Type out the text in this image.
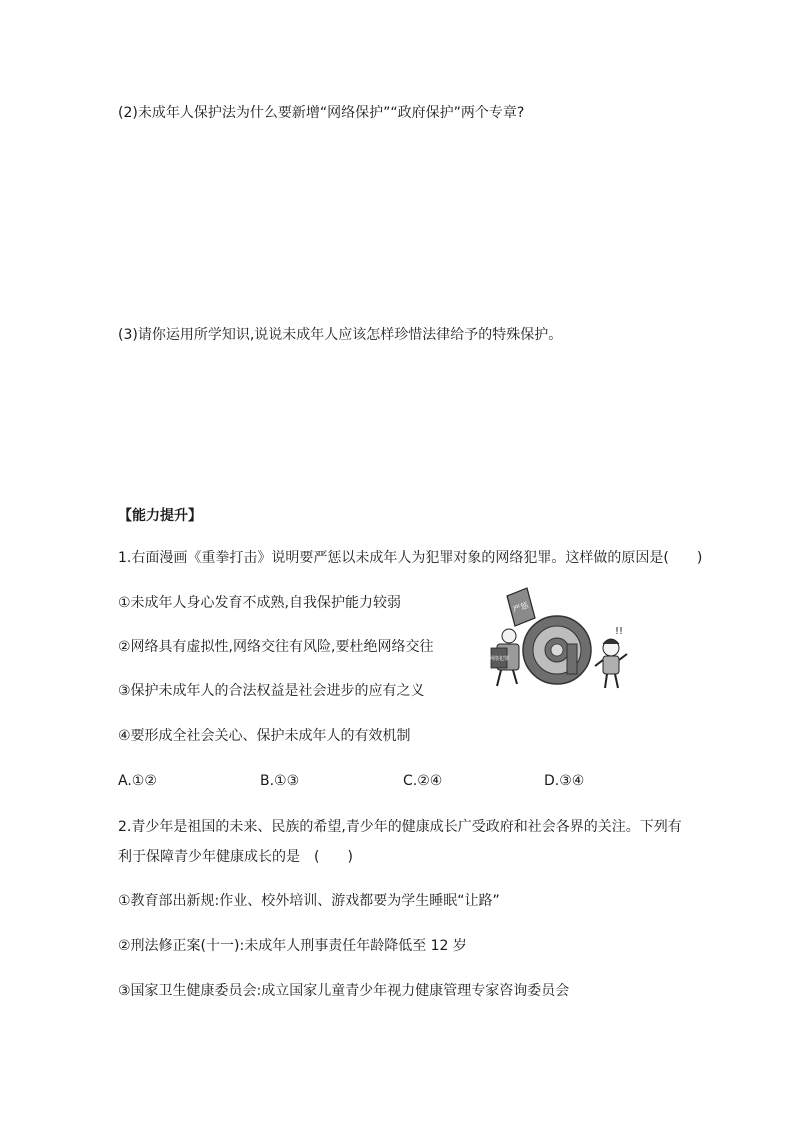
(2)未成年人保护法为什么要新增“网络保护”“政府保护”两个专章?
(3)请你运用所学知识,说说未成年人应该怎样珍惜法律给予的特殊保护。
【能力提升】
1.右面漫画《重拳打击》说明要严惩以未成年人为犯罪对象的网络犯罪。这样做的原因是(　　)
①未成年人身心发育不成熟,自我保护能力较弱
②网络具有虚拟性,网络交往有风险,要杜绝网络交往
③保护未成年人的合法权益是社会进步的应有之义
④要形成全社会关心、保护未成年人的有效机制
A.①②	B.①③	C.②④	D.③④
2.青少年是祖国的未来、民族的希望,青少年的健康成长广受政府和社会各界的关注。下列有
利于保障青少年健康成长的是　(　　)
①教育部出新规:作业、校外培训、游戏都要为学生睡眠“让路”
②刑法修正案(十一):未成年人刑事责任年龄降低至 12 岁
③国家卫生健康委员会:成立国家儿童青少年视力健康管理专家咨询委员会
严惩
网络犯罪
!!
